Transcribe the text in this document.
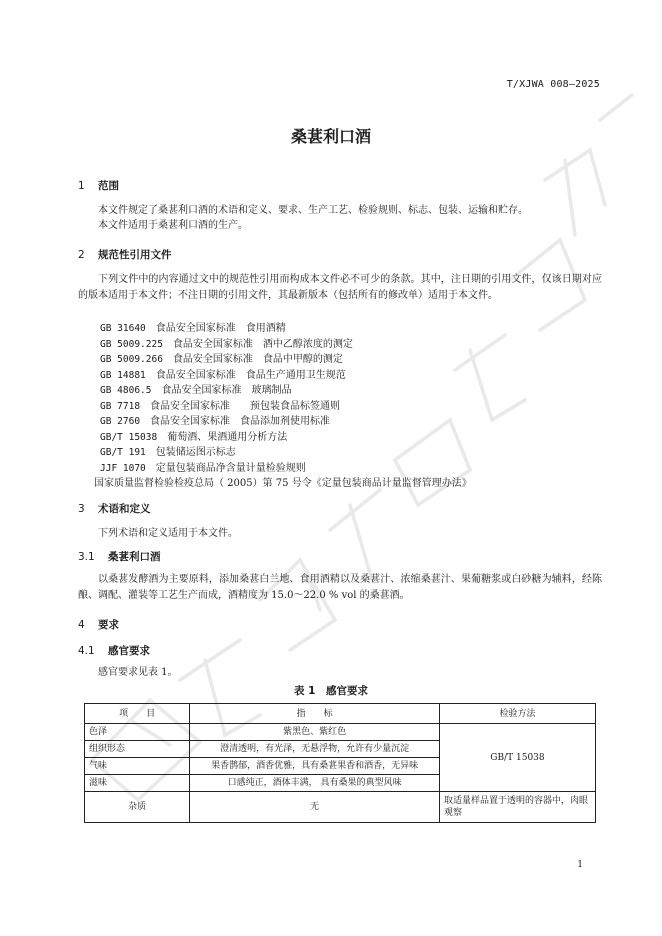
T/XJWA 008—2025
桑葚利口酒
1 范围
本文件规定了桑葚利口酒的术语和定义、要求、生产工艺、检验规则、标志、包装、运输和贮存。
本文件适用于桑葚利口酒的生产。
2 规范性引用文件
下列文件中的内容通过文中的规范性引用而构成本文件必不可少的条款。其中，注日期的引用文件，仅该日期对应的版本适用于本文件；不注日期的引用文件，其最新版本（包括所有的修改单）适用于本文件。
GB 31640　 食品安全国家标准　食用酒精
GB 5009.225　 食品安全国家标准　酒中乙醇浓度的测定
GB 5009.266　 食品安全国家标准　食品中甲醇的测定
GB 14881　 食品安全国家标准　食品生产通用卫生规范
GB 4806.5　 食品安全国家标准　玻璃制品
GB 7718　 食品安全国家标准　　预包装食品标签通则
GB 2760　 食品安全国家标准　食品添加剂使用标准
GB/T 15038　 葡萄酒、果酒通用分析方法
GB/T 191　 包装储运图示标志
JJF 1070　 定量包装商品净含量计量检验规则
国家质量监督检验检疫总局（ 2005）第 75 号令《定量包装商品计量监督管理办法》
3 术语和定义
下列术语和定义适用于本文件。
3.1 桑葚利口酒
以桑葚发酵酒为主要原料，添加桑葚白兰地、食用酒精以及桑葚汁、浓缩桑葚汁、果葡糖浆或白砂糖为辅料，经陈酿、调配、灌装等工艺生产而成，酒精度为 15.0～22.0 % vol 的桑葚酒。
4 要求
4.1 感官要求
感官要求见表 1。
表 1　感官要求
项　　目	指　　标	检验方法
色泽	紫黑色、紫红色	GB/T 15038
组织形态	澄清透明，有光泽，无悬浮物，允许有少量沉淀	
气味	果香鹊郁，酒香优雅，具有桑葚果香和酒香，无异味	
滋味	口感纯正，酒体丰满， 具有桑果的典型风味	
杂质	无	取适量样品置于透明的容器中，肉眼观察
1
